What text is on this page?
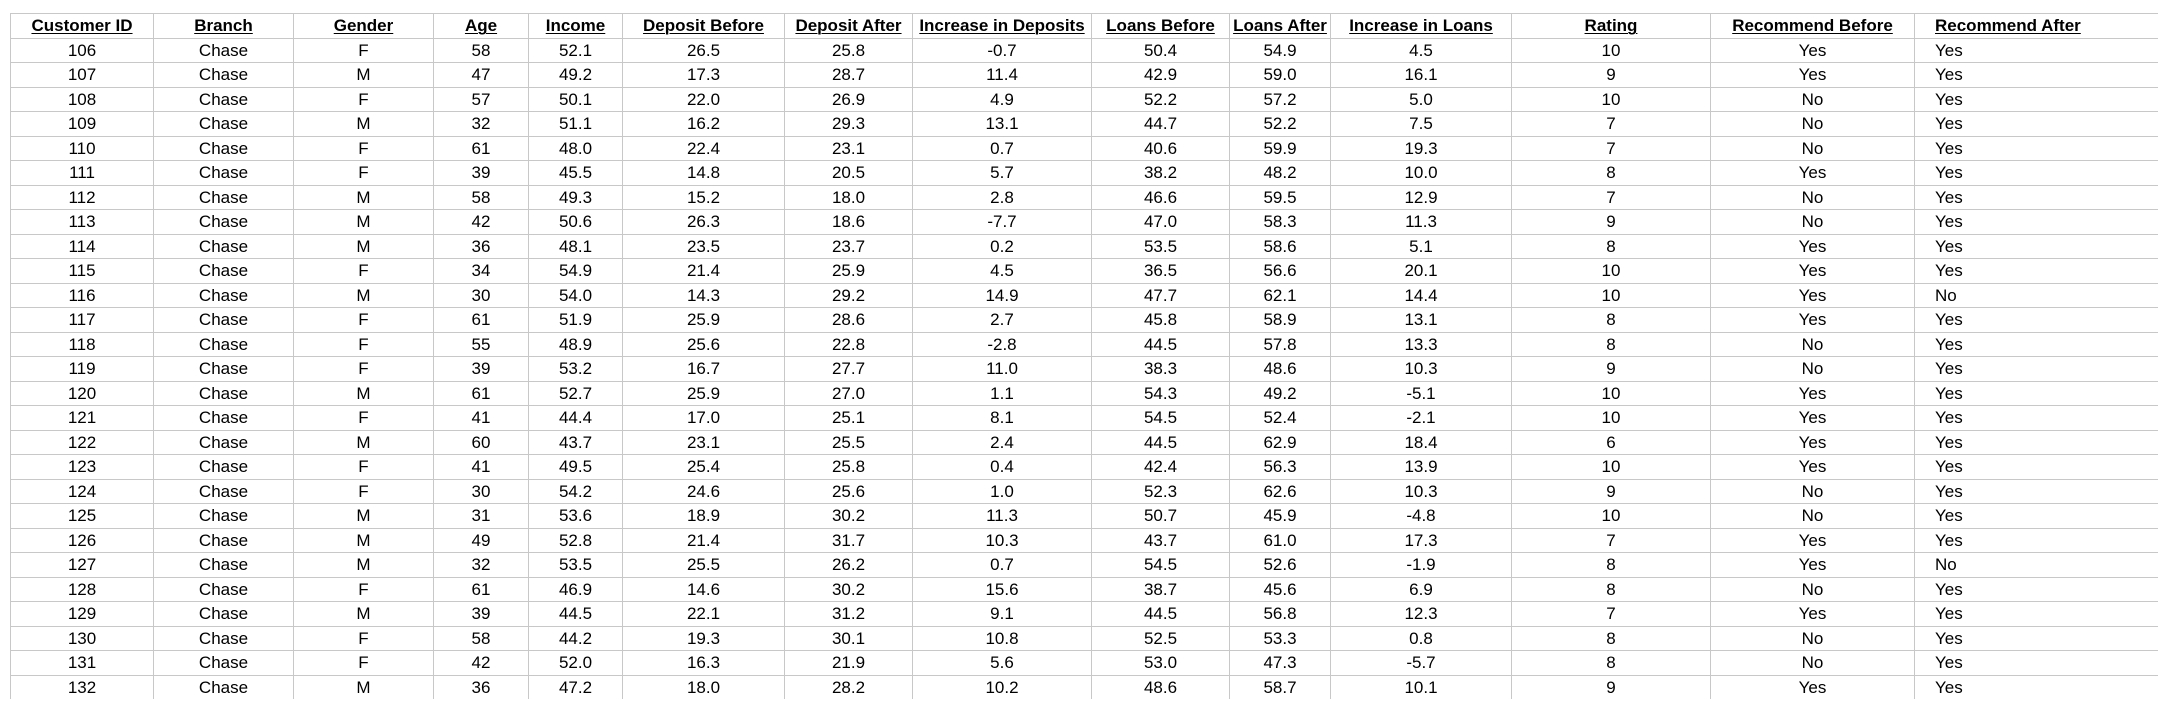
Customer ID	Branch	Gender	Age	Income	Deposit Before	Deposit After	Increase in Deposits	Loans Before	Loans After	Increase in Loans	Rating	Recommend Before	Recommend After
106	Chase	F	58	52.1	26.5	25.8	-0.7	50.4	54.9	4.5	10	Yes	Yes
107	Chase	M	47	49.2	17.3	28.7	11.4	42.9	59.0	16.1	9	Yes	Yes
108	Chase	F	57	50.1	22.0	26.9	4.9	52.2	57.2	5.0	10	No	Yes
109	Chase	M	32	51.1	16.2	29.3	13.1	44.7	52.2	7.5	7	No	Yes
110	Chase	F	61	48.0	22.4	23.1	0.7	40.6	59.9	19.3	7	No	Yes
111	Chase	F	39	45.5	14.8	20.5	5.7	38.2	48.2	10.0	8	Yes	Yes
112	Chase	M	58	49.3	15.2	18.0	2.8	46.6	59.5	12.9	7	No	Yes
113	Chase	M	42	50.6	26.3	18.6	-7.7	47.0	58.3	11.3	9	No	Yes
114	Chase	M	36	48.1	23.5	23.7	0.2	53.5	58.6	5.1	8	Yes	Yes
115	Chase	F	34	54.9	21.4	25.9	4.5	36.5	56.6	20.1	10	Yes	Yes
116	Chase	M	30	54.0	14.3	29.2	14.9	47.7	62.1	14.4	10	Yes	No
117	Chase	F	61	51.9	25.9	28.6	2.7	45.8	58.9	13.1	8	Yes	Yes
118	Chase	F	55	48.9	25.6	22.8	-2.8	44.5	57.8	13.3	8	No	Yes
119	Chase	F	39	53.2	16.7	27.7	11.0	38.3	48.6	10.3	9	No	Yes
120	Chase	M	61	52.7	25.9	27.0	1.1	54.3	49.2	-5.1	10	Yes	Yes
121	Chase	F	41	44.4	17.0	25.1	8.1	54.5	52.4	-2.1	10	Yes	Yes
122	Chase	M	60	43.7	23.1	25.5	2.4	44.5	62.9	18.4	6	Yes	Yes
123	Chase	F	41	49.5	25.4	25.8	0.4	42.4	56.3	13.9	10	Yes	Yes
124	Chase	F	30	54.2	24.6	25.6	1.0	52.3	62.6	10.3	9	No	Yes
125	Chase	M	31	53.6	18.9	30.2	11.3	50.7	45.9	-4.8	10	No	Yes
126	Chase	M	49	52.8	21.4	31.7	10.3	43.7	61.0	17.3	7	Yes	Yes
127	Chase	M	32	53.5	25.5	26.2	0.7	54.5	52.6	-1.9	8	Yes	No
128	Chase	F	61	46.9	14.6	30.2	15.6	38.7	45.6	6.9	8	No	Yes
129	Chase	M	39	44.5	22.1	31.2	9.1	44.5	56.8	12.3	7	Yes	Yes
130	Chase	F	58	44.2	19.3	30.1	10.8	52.5	53.3	0.8	8	No	Yes
131	Chase	F	42	52.0	16.3	21.9	5.6	53.0	47.3	-5.7	8	No	Yes
132	Chase	M	36	47.2	18.0	28.2	10.2	48.6	58.7	10.1	9	Yes	Yes
